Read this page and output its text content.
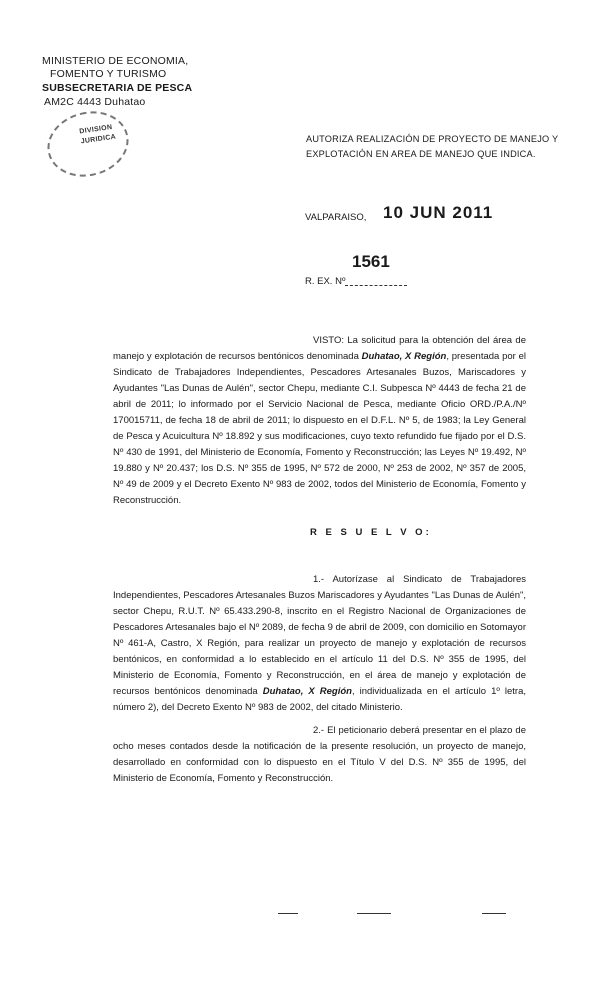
MINISTERIO DE ECONOMIA,
FOMENTO Y TURISMO
SUBSECRETARIA DE PESCA
AM2C 4443 Duhatao
DIVISION
JURIDICA	AUTORIZA REALIZACIÓN DE PROYECTO DE MANEJO Y EXPLOTACIÓN EN AREA DE MANEJO QUE INDICA.
VALPARAISO, 10 JUN 2011
1561
R. EX. Nº

VISTO: La solicitud para la obtención del área de manejo y explotación de recursos bentónicos denominada Duhatao, X Región, presentada por el Sindicato de Trabajadores Independientes, Pescadores Artesanales Buzos, Mariscadores y Ayudantes "Las Dunas de Aulén", sector Chepu, mediante C.I. Subpesca Nº 4443 de fecha 21 de abril de 2011; lo informado por el Servicio Nacional de Pesca, mediante Oficio ORD./P.A./Nº 170015711, de fecha 18 de abril de 2011; lo dispuesto en el D.F.L. Nº 5, de 1983; la Ley General de Pesca y Acuicultura Nº 18.892 y sus modificaciones, cuyo texto refundido fue fijado por el D.S. Nº 430 de 1991, del Ministerio de Economía, Fomento y Reconstrucción; las Leyes Nº 19.492, Nº 19.880 y Nº 20.437; los D.S. Nº 355 de 1995, Nº 572 de 2000, Nº 253 de 2002, Nº 357 de 2005, Nº 49 de 2009 y el Decreto Exento Nº 983 de 2002, todos del Ministerio de Economía, Fomento y Reconstrucción.

R E S U E L V O:

1.- Autorízase al Sindicato de Trabajadores Independientes, Pescadores Artesanales Buzos Mariscadores y Ayudantes "Las Dunas de Aulén", sector Chepu, R.U.T. Nº 65.433.290-8, inscrito en el Registro Nacional de Organizaciones de Pescadores Artesanales bajo el Nº 2089, de fecha 9 de abril de 2009, con domicilio en Sotomayor Nº 461-A, Castro, X Región, para realizar un proyecto de manejo y explotación de recursos bentónicos, en conformidad a lo establecido en el artículo 11 del D.S. Nº 355 de 1995, del Ministerio de Economía, Fomento y Reconstrucción, en el área de manejo y explotación de recursos bentónicos denominada Duhatao, X Región, individualizada en el artículo 1º letra, número 2), del Decreto Exento Nº 983 de 2002, del citado Ministerio.

2.- El peticionario deberá presentar en el plazo de ocho meses contados desde la notificación de la presente resolución, un proyecto de manejo, desarrollado en conformidad con lo dispuesto en el Título V del D.S. Nº 355 de 1995, del Ministerio de Economía, Fomento y Reconstrucción.
